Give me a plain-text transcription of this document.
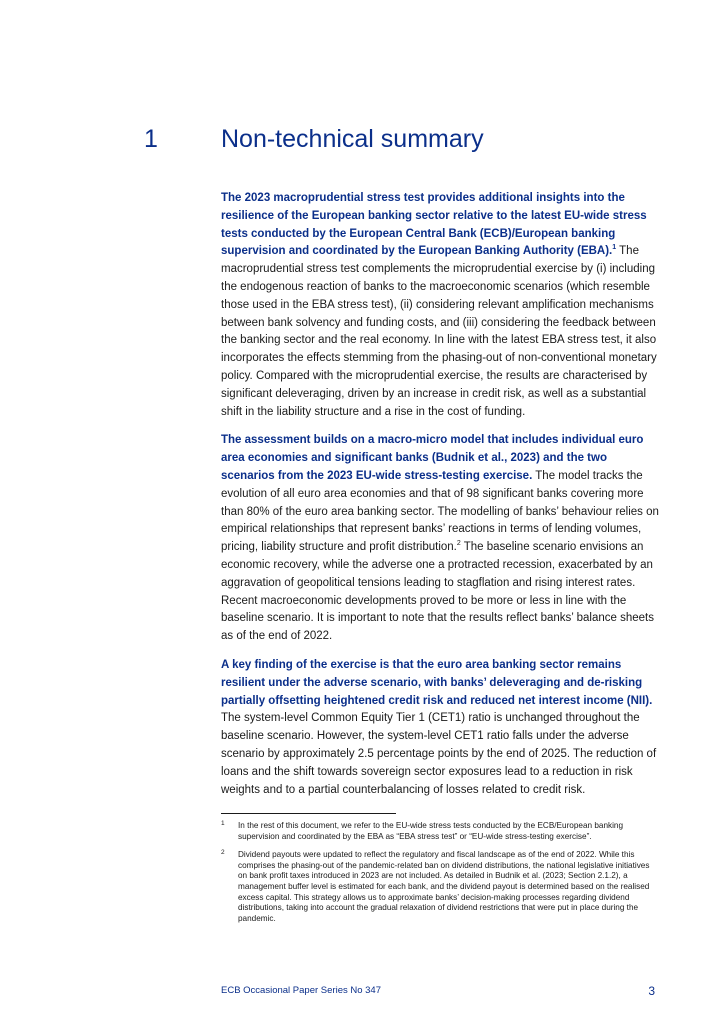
1	Non-technical summary

The 2023 macroprudential stress test provides additional insights into the resilience of the European banking sector relative to the latest EU-wide stress tests conducted by the European Central Bank (ECB)/European banking supervision and coordinated by the European Banking Authority (EBA).$^1$ The macroprudential stress test complements the microprudential exercise by (i) including the endogenous reaction of banks to the macroeconomic scenarios (which resemble those used in the EBA stress test), (ii) considering relevant amplification mechanisms between bank solvency and funding costs, and (iii) considering the feedback between the banking sector and the real economy. In line with the latest EBA stress test, it also incorporates the effects stemming from the phasing-out of non-conventional monetary policy. Compared with the microprudential exercise, the results are characterised by significant deleveraging, driven by an increase in credit risk, as well as a substantial shift in the liability structure and a rise in the cost of funding.

The assessment builds on a macro-micro model that includes individual euro area economies and significant banks (Budnik et al., 2023) and the two scenarios from the 2023 EU-wide stress-testing exercise. The model tracks the evolution of all euro area economies and that of 98 significant banks covering more than 80% of the euro area banking sector. The modelling of banks’ behaviour relies on empirical relationships that represent banks’ reactions in terms of lending volumes, pricing, liability structure and profit distribution.$^2$ The baseline scenario envisions an economic recovery, while the adverse one a protracted recession, exacerbated by an aggravation of geopolitical tensions leading to stagflation and rising interest rates. Recent macroeconomic developments proved to be more or less in line with the baseline scenario. It is important to note that the results reflect banks’ balance sheets as of the end of 2022.

A key finding of the exercise is that the euro area banking sector remains resilient under the adverse scenario, with banks’ deleveraging and de-risking partially offsetting heightened credit risk and reduced net interest income (NII). The system-level Common Equity Tier 1 (CET1) ratio is unchanged throughout the baseline scenario. However, the system-level CET1 ratio falls under the adverse scenario by approximately 2.5 percentage points by the end of 2025. The reduction of loans and the shift towards sovereign sector exposures lead to a reduction in risk weights and to a partial counterbalancing of losses related to credit risk.

1 In the rest of this document, we refer to the EU-wide stress tests conducted by the ECB/European banking supervision and coordinated by the EBA as “EBA stress test” or “EU-wide stress-testing exercise”.
2 Dividend payouts were updated to reflect the regulatory and fiscal landscape as of the end of 2022. While this comprises the phasing-out of the pandemic-related ban on dividend distributions, the national legislative initiatives on bank profit taxes introduced in 2023 are not included. As detailed in Budnik et al. (2023; Section 2.1.2), a management buffer level is estimated for each bank, and the dividend payout is determined based on the realised excess capital. This strategy allows us to approximate banks’ decision-making processes regarding dividend distributions, taking into account the gradual relaxation of dividend restrictions that were put in place during the pandemic.
ECB Occasional Paper Series No 347	3
